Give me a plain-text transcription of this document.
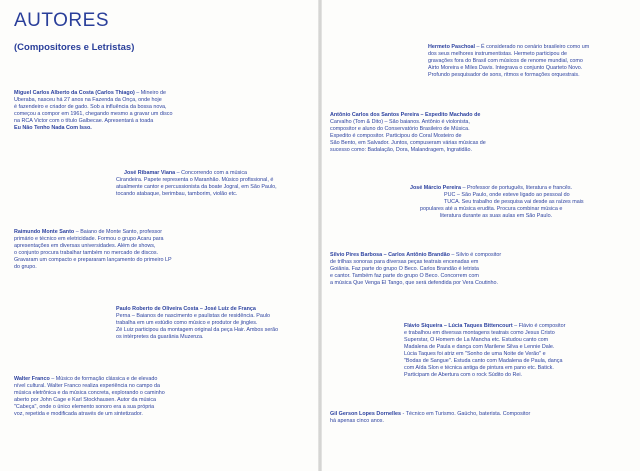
AUTORES
(Compositores e Letristas)

Miguel Carlos Alberto da Costa (Carlos Thiago) – Mineiro de
Uberaba, nasceu há 27 anos na Fazenda da Onça, onde hoje
é fazendeiro e criador de gado. Sob a influência da bossa nova,
começou a compor em 1961, chegando mesmo a gravar um disco
na RCA Victor com o título Galbecae. Apresentará a toada
Eu Não Tenho Nada Com Isso.

José Ribamar Viana – Concorrendo com a música
Cirandeira. Papete representa o Maranhão. Músico profissional, é
atualmente cantor e percussionista da boate Jogral, em São Paulo,
tocando atabaque, berimbau, tamborim, violão etc.

Raimundo Monte Santo – Baiano de Monte Santo, professor
primário e técnico em eletricidade. Formou o grupo Acaru para
apresentações em diversas universidades. Além de shows,
o conjunto procura trabalhar também no mercado de discos.
Gravaram um compacto e prepararam lançamento do primeiro LP
do grupo.

Paulo Roberto de Oliveira Costa – José Luiz de França
Perna – Baianos de nascimento e paulistas de residência. Paulo
trabalha em um estúdio como músico e produtor de jingles.
Zé Luiz participou da montagem original da peça Hair. Ambos serão
os intérpretes da guarânia Muzenza.

Walter Franco – Músico de formação clássica e de elevado
nível cultural. Walter Franco realiza experiência no campo da
música eletrônica e da música concreta, explorando o caminho
aberto por John Cage e Karl Stockhausen. Autor da música
"Cabeça", onde o único elemento sonoro era a sua própria
voz, repetida e modificada através de um sintetizador.

Hermeto Paschoal – É considerado no cenário brasileiro como um
dos seus melhores instrumentistas. Hermeto participou de
gravações fora do Brasil com músicos de renome mundial, como
Airto Moreira e Miles Davis. Integrava o conjunto Quarteto Novo.
Profundo pesquisador de sons, ritmos e formações orquestrais.

Antônio Carlos dos Santos Pereira – Expedito Machado de
Carvalho (Tom & Dito) – São baianos. Antônio é violonista,
compositor e aluno do Conservatório Brasileiro de Música.
Expedito é compositor. Participou do Coral Mosteiro de
São Bento, em Salvador. Juntos, compuseram várias músicas de
sucesso como: Badalação, Dora, Malandragem, Ingratidão.

José Márcio Pereira – Professor de português, literatura e francês.
PUC – São Paulo, onde esteve ligado ao pessoal do
TUCA. Seu trabalho de pesquisa vai desde as raízes mais
populares até a música erudita. Procura combinar música e
literatura durante as suas aulas em São Paulo.

Silvio Pires Barbosa – Carlos Antônio Brandão – Silvio é compositor
de trilhas sonoras para diversas peças teatrais encenadas em
Goiânia. Faz parte do grupo O Beco. Carlos Brandão é letrista
e cantor. Também faz parte do grupo O Beco. Concorrem com
a música Que Venga El Tango, que será defendida por Vera Coutinho.

Flávio Siqueira – Lúcia Taques Bittencourt – Flávio é compositor
e trabalhou em diversas montagens teatrais como Jesus Cristo
Superstar, O Homem de La Mancha etc. Estudou canto com
Madalena de Paula e dança com Marilene Silva e Lennie Dale.
Lúcia Taques foi atriz em "Sonho de uma Noite de Verão" e
"Bodas de Sangue". Estuda canto com Madalena de Paula, dança
com Aída Slon e técnica antiga de pintura em pano etc. Batick.
Participam de Abertura com o rock Súdito do Rei.

Gil Gerson Lopes Dornelles - Técnico em Turismo. Gaúcho, baterista. Compositor
há apenas cinco anos.
